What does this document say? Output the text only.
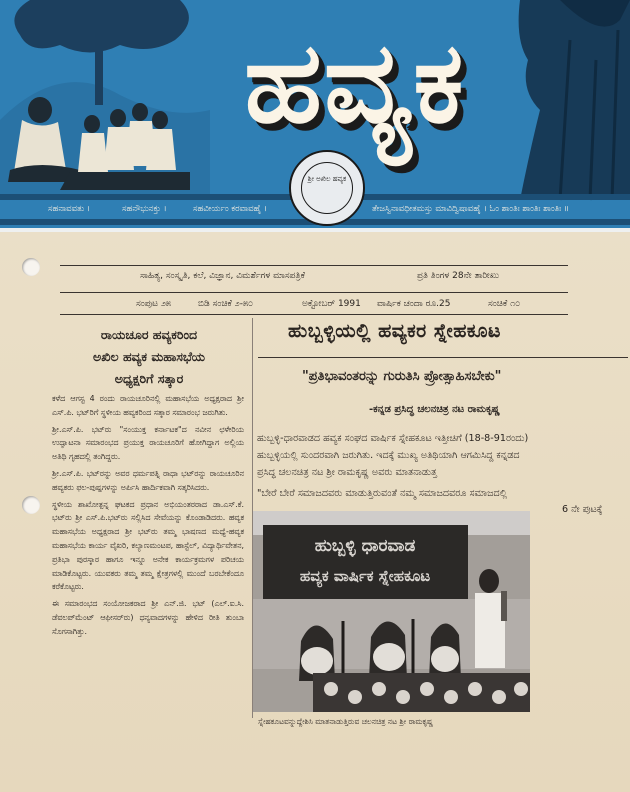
ಹವ್ಯಕ
ಸಹನಾವವತು ।	ಸಹನೌಭುನಕ್ತು ।	ಸಹವೀರ್ಯಂ ಕರವಾವಹೈ ।	ತೇಜಸ್ವಿನಾವಧೀತಮಸ್ತು ಮಾವಿದ್ವಿಷಾವಹೈ । ಓಂ ಶಾಂತಿಃ ಶಾಂತಿಃ ಶಾಂತಿಃ ॥
ಶ್ರೀ ಅಖಿಲ ಹವ್ಯಕ
ಸಾಹಿತ್ಯ, ಸಂಸ್ಕೃತಿ, ಕಲೆ, ವಿಜ್ಞಾನ, ವಿಮರ್ಶೆಗಳ ಮಾಸಪತ್ರಿಕೆ	ಪ್ರತಿ ತಿಂಗಳ 28ನೇ ತಾರೀಖು
ಸಂಪುಟ ೨೫	ಬಿಡಿ ಸಂಚಿಕೆ ೨-೫೦	ಅಕ್ಟೋಬರ್ 1991 ವಾರ್ಷಿಕ ಚಂದಾ ರೂ.25	ಸಂಚಿಕೆ ೧೦
ರಾಯಚೂರ ಹವ್ಯಕರಿಂದ
ಅಖಿಲ ಹವ್ಯಕ ಮಹಾಸಭೆಯ
ಅಧ್ಯಕ್ಷರಿಗೆ ಸತ್ಕಾರ

ಕಳೆದ ಆಗಸ್ಟ 4 ರಂದು ರಾಯಚೂರಿನಲ್ಲಿ ಮಹಾಸಭೆಯ ಅಧ್ಯಕ್ಷರಾದ ಶ್ರೀ ಎಸ್.ಪಿ. ಭಟ್‌ರಿಗೆ ಸ್ಥಳೀಯ ಹವ್ಯಕರಿಂದ ಸತ್ಕಾರ ಸಮಾರಂಭ ಜರುಗಿತು.

ಶ್ರೀ.ಎಸ್.ಪಿ. ಭಟ್‌ರು "ಸಂಯುಕ್ತ ಕರ್ನಾಟಕ"ದ ನವೀನ ಛಳೇರಿಯ ಉದ್ಘಾಟನಾ ಸಮಾರಂಭದ ಪ್ರಯುಕ್ತ ರಾಯಚೂರಿಗೆ ಹೋಗಿದ್ದಾಗ ಅಲ್ಲಿಯ ಅತಿಥಿ ಗೃಹದಲ್ಲಿ ತಂಗಿದ್ದರು.

ಶ್ರೀ.ಎಸ್.ಪಿ. ಭಟ್‌ರನ್ನು ಅವರ ಧರ್ಮಪತ್ನಿ ರಾಧಾ ಭಟ್‌ರನ್ನು ರಾಯಚೂರಿನ ಹವ್ಯಕರು ಫಲ-ಪುಷ್ಪಗಳನ್ನು ಅರ್ಪಿಸಿ ಹಾರ್ದಿಕವಾಗಿ ಸತ್ಕರಿಸಿದರು.

ಸ್ಥಳೀಯ ಶಾಖೋತ್ಪನ್ನ ಘಟಕದ ಪ್ರಧಾನ ಅಭಿಯಂತರರಾದ ಡಾ.ಎಸ್.ಕೆ. ಭಟ್‌ರು ಶ್ರೀ ಎಸ್.ಪಿ.ಭಟ್‌ರು ಸಲ್ಲಿಸಿದ ಸೇವೆಯನ್ನು ಕೊಂಡಾಡಿದರು. ಹವ್ಯಕ ಮಹಾಸಭೆಯ ಅಧ್ಯಕ್ಷರಾದ ಶ್ರೀ ಭಟ್‌ರು ತಮ್ಮ ಭಾಷಣದ ಮಧ್ಯೆ-ಹವ್ಯಕ ಮಹಾಸಭೆಯ ಕಾರ್ಯ ವೈಖರಿ, ಕಲ್ಯಾಣಮಂಟಪ, ಹಾಸ್ಟೆಲ್, ವಿದ್ಯಾರ್ಥಿವೇತನ, ಪ್ರತಿಭಾ ಪುರಸ್ಕಾರ ಹಾಗೂ ಇನ್ನೂ ಅನೇಕ ಕಾರ್ಯಕ್ರಮಗಳ ಪರಿಚಯ ಮಾಡಿಕೊಟ್ಟರು. ಯುವಕರು ತಮ್ಮ ತಮ್ಮ ಕ್ಷೇತ್ರಗಳಲ್ಲಿ ಮುಂದೆ ಬರಬೇಕೆಂದೂ ಕರೆಕೊಟ್ಟರು.

ಈ ಸಮಾರಂಭದ ಸಂಯೋಜಕರಾದ ಶ್ರೀ ಎನ್.ಜಿ. ಭಟ್ (ಎಲ್.ಐ.ಸಿ. ಡೆವಲಪ್‌ಮೆಂಟ್ ಆಫೀಸರ್‌ರು) ಧನ್ಯವಾದಗಳನ್ನು ಹೇಳಿದ ರೀತಿ ತುಂಬಾ ಸೊಗಸಾಗಿತ್ತು.

ಹುಬ್ಬಳ್ಳಿಯಲ್ಲಿ ಹವ್ಯಕರ ಸ್ನೇಹಕೂಟ
"ಪ್ರತಿಭಾವಂತರನ್ನು ಗುರುತಿಸಿ ಪ್ರೋತ್ಸಾಹಿಸಬೇಕು"
-ಕನ್ನಡ ಪ್ರಸಿದ್ಧ ಚಲನಚಿತ್ರ ನಟ ರಾಮಕೃಷ್ಣ
ಹುಬ್ಬಳ್ಳಿ-ಧಾರವಾಡದ ಹವ್ಯಕ ಸಂಘದ ವಾರ್ಷಿಕ ಸ್ನೇಹಕೂಟ ಇತ್ತೀಚಿಗೆ (18-8-91ರಂದು)
ಹುಬ್ಬಳ್ಳಿಯಲ್ಲಿ ಸುಂದರವಾಗಿ ಜರುಗಿತು. ಇದಕ್ಕೆ ಮುಖ್ಯ ಅತಿಥಿಯಾಗಿ ಆಗಮಿಸಿದ್ದ ಕನ್ನಡದ
ಪ್ರಸಿದ್ಧ ಚಲನಚಿತ್ರ ನಟ ಶ್ರೀ ರಾಮಕೃಷ್ಣ ಅವರು ಮಾತನಾಡುತ್ತ
"ಬೇರೆ ಬೇರೆ ಸಮಾಜದವರು ಮಾಡುತ್ತಿರುವಂತೆ ನಮ್ಮ ಸಮಾಜದವರೂ ಸಮಾಜದಲ್ಲಿ
6 ನೇ ಪುಟಕ್ಕೆ
ಹುಬ್ಬಳ್ಳಿ ಧಾರವಾಡ
ಹವ್ಯಕ ವಾರ್ಷಿಕ ಸ್ನೇಹಕೂಟ
ಸ್ನೇಹಕೂಟವನ್ನುದ್ದೇಶಿಸಿ ಮಾತನಾಡುತ್ತಿರುವ ಚಲನಚಿತ್ರ ನಟ ಶ್ರೀ ರಾಮಕೃಷ್ಣ
